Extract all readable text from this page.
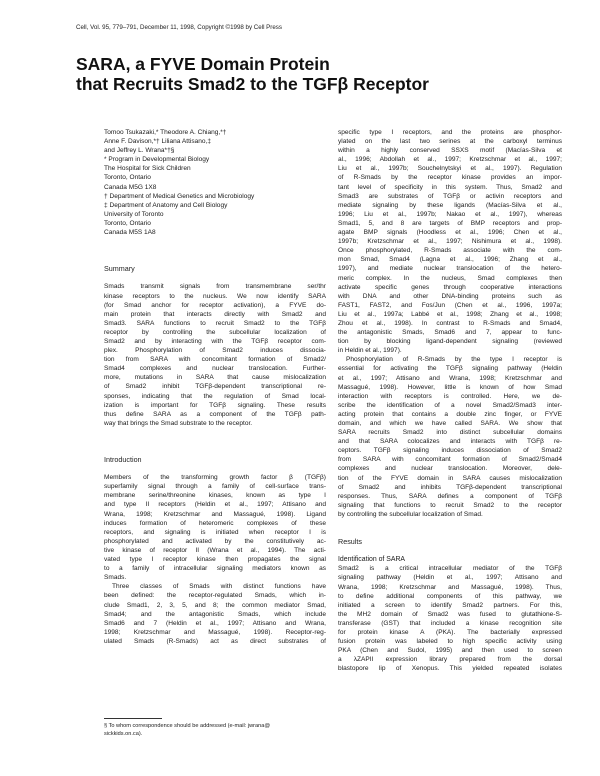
Cell, Vol. 95, 779–791, December 11, 1998, Copyright ©1998 by Cell Press
SARA, a FYVE Domain Protein
that Recruits Smad2 to the TGFβ Receptor
Tomoo Tsukazaki,* Theodore A. Chiang,*†
Anne F. Davison,*† Liliana Attisano,‡
and Jeffrey L. Wrana*†§
* Program in Developmental Biology
The Hospital for Sick Children
Toronto, Ontario
Canada M5G 1X8
† Department of Medical Genetics and Microbiology
‡ Department of Anatomy and Cell Biology
University of Toronto
Toronto, Ontario
Canada M5S 1A8
Summary
Smads transmit signals from transmembrane ser/thr
kinase receptors to the nucleus. We now identify SARA
(for Smad anchor for receptor activation), a FYVE do-
main protein that interacts directly with Smad2 and
Smad3. SARA functions to recruit Smad2 to the TGFβ
receptor by controlling the subcellular localization of
Smad2 and by interacting with the TGFβ receptor com-
plex. Phosphorylation of Smad2 induces dissocia-
tion from SARA with concomitant formation of Smad2/
Smad4 complexes and nuclear translocation. Further-
more, mutations in SARA that cause mislocalization
of Smad2 inhibit TGFβ-dependent transcriptional re-
sponses, indicating that the regulation of Smad local-
ization is important for TGFβ signaling. These results
thus define SARA as a component of the TGFβ path-
way that brings the Smad substrate to the receptor.
Introduction
Members of the transforming growth factor β (TGFβ)
superfamily signal through a family of cell-surface trans-
membrane serine/threonine kinases, known as type I
and type II receptors (Heldin et al., 1997; Attisano and
Wrana, 1998; Kretzschmar and Massagué, 1998). Ligand
induces formation of heteromeric complexes of these
receptors, and signaling is initiated when receptor I is
phosphorylated and activated by the constitutively ac-
tive kinase of receptor II (Wrana et al., 1994). The acti-
vated type I receptor kinase then propagates the signal
to a family of intracellular signaling mediators known as
Smads.
Three classes of Smads with distinct functions have
been defined: the receptor-regulated Smads, which in-
clude Smad1, 2, 3, 5, and 8; the common mediator Smad,
Smad4; and the antagonistic Smads, which include
Smad6 and 7 (Heldin et al., 1997; Attisano and Wrana,
1998; Kretzschmar and Massagué, 1998). Receptor-reg-
ulated Smads (R-Smads) act as direct substrates of
§ To whom correspondence should be addressed (e-mail: jwrana@
sickkids.on.ca).
specific type I receptors, and the proteins are phosphor-
ylated on the last two serines at the carboxyl terminus
within a highly conserved SSXS motif (Macías-Silva et
al., 1996; Abdollah et al., 1997; Kretzschmar et al., 1997;
Liu et al., 1997b; Souchelnytskyi et al., 1997). Regulation
of R-Smads by the receptor kinase provides an impor-
tant level of specificity in this system. Thus, Smad2 and
Smad3 are substrates of TGFβ or activin receptors and
mediate signaling by these ligands (Macías-Silva et al.,
1996; Liu et al., 1997b; Nakao et al., 1997), whereas
Smad1, 5, and 8 are targets of BMP receptors and prop-
agate BMP signals (Hoodless et al., 1996; Chen et al.,
1997b; Kretzschmar et al., 1997; Nishimura et al., 1998).
Once phosphorylated, R-Smads associate with the com-
mon Smad, Smad4 (Lagna et al., 1996; Zhang et al.,
1997), and mediate nuclear translocation of the hetero-
meric complex. In the nucleus, Smad complexes then
activate specific genes through cooperative interactions
with DNA and other DNA-binding proteins such as
FAST1, FAST2, and Fos/Jun (Chen et al., 1996, 1997a;
Liu et al., 1997a; Labbé et al., 1998; Zhang et al., 1998;
Zhou et al., 1998). In contrast to R-Smads and Smad4,
the antagonistic Smads, Smad6 and 7, appear to func-
tion by blocking ligand-dependent signaling (reviewed
in Heldin et al., 1997).
Phosphorylation of R-Smads by the type I receptor is
essential for activating the TGFβ signaling pathway (Heldin
et al., 1997; Attisano and Wrana, 1998; Kretzschmar and
Massagué, 1998). However, little is known of how Smad
interaction with receptors is controlled. Here, we de-
scribe the identification of a novel Smad2/Smad3 inter-
acting protein that contains a double zinc finger, or FYVE
domain, and which we have called SARA. We show that
SARA recruits Smad2 into distinct subcellular domains
and that SARA colocalizes and interacts with TGFβ re-
ceptors. TGFβ signaling induces dissociation of Smad2
from SARA with concomitant formation of Smad2/Smad4
complexes and nuclear translocation. Moreover, dele-
tion of the FYVE domain in SARA causes mislocalization
of Smad2 and inhibits TGFβ-dependent transcriptional
responses. Thus, SARA defines a component of TGFβ
signaling that functions to recruit Smad2 to the receptor
by controlling the subcellular localization of Smad.
Results
Identification of SARA
Smad2 is a critical intracellular mediator of the TGFβ
signaling pathway (Heldin et al., 1997; Attisano and
Wrana, 1998; Kretzschmar and Massagué, 1998). Thus,
to define additional components of this pathway, we
initiated a screen to identify Smad2 partners. For this,
the MH2 domain of Smad2 was fused to glutathione-S-
transferase (GST) that included a kinase recognition site
for protein kinase A (PKA). The bacterially expressed
fusion protein was labeled to high specific activity using
PKA (Chen and Sudol, 1995) and then used to screen
a λZAPII expression library prepared from the dorsal
blastopore lip of Xenopus. This yielded repeated isolates
